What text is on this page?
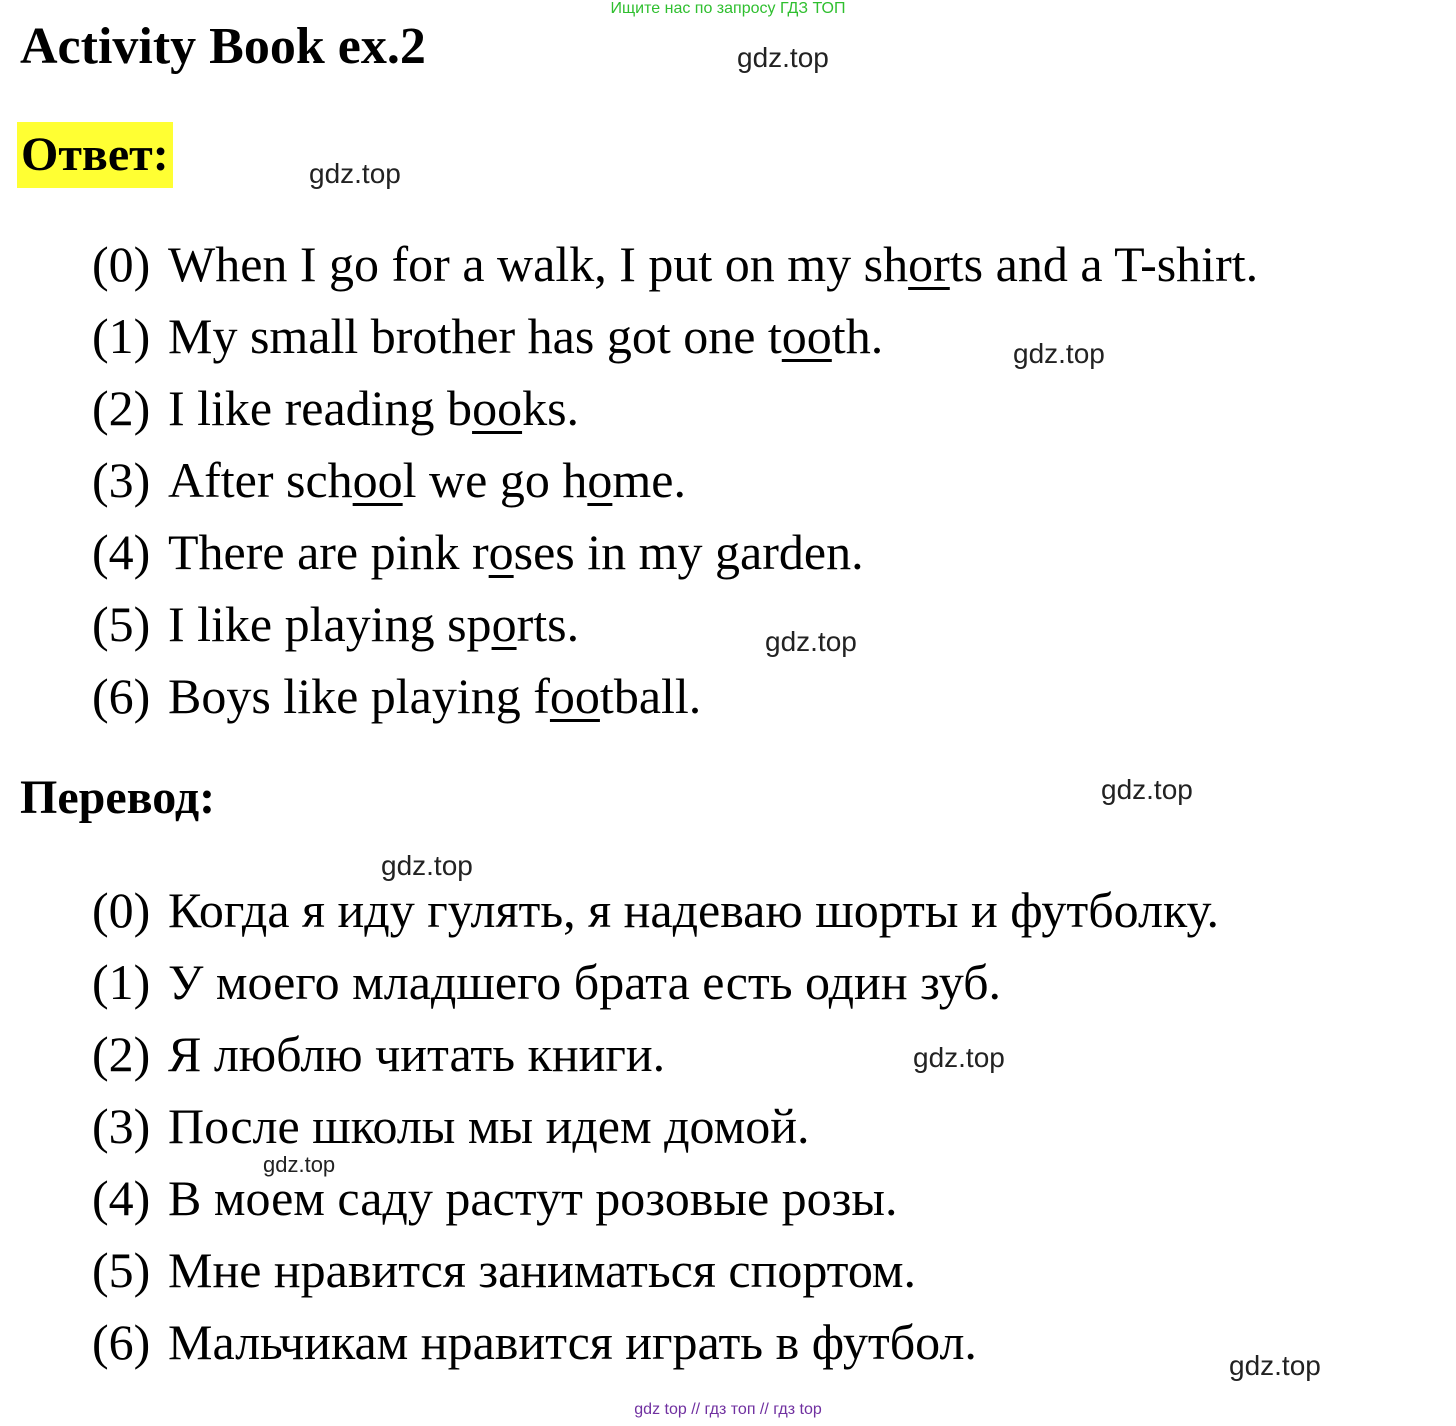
Ищите нас по запросу ГДЗ ТОП
Activity Book ex.2	gdz.top
Ответ:	gdz.top
(0) When I go for a walk, I put on my shorts and a T-shirt.
(1) My small brother has got one tooth.	gdz.top
(2) I like reading books.
(3) After school we go home.
(4) There are pink roses in my garden.
(5) I like playing sports.	gdz.top
(6) Boys like playing football.
Перевод:	gdz.top
gdz.top
(0) Когда я иду гулять, я надеваю шорты и футболку.
(1) У моего младшего брата есть один зуб.
(2) Я люблю читать книги.	gdz.top
(3) После школы мы идем домой.
gdz.top
(4) В моем саду растут розовые розы.
(5) Мне нравится заниматься спортом.
(6) Мальчикам нравится играть в футбол.	gdz.top
gdz top // гдз топ // гдз top
